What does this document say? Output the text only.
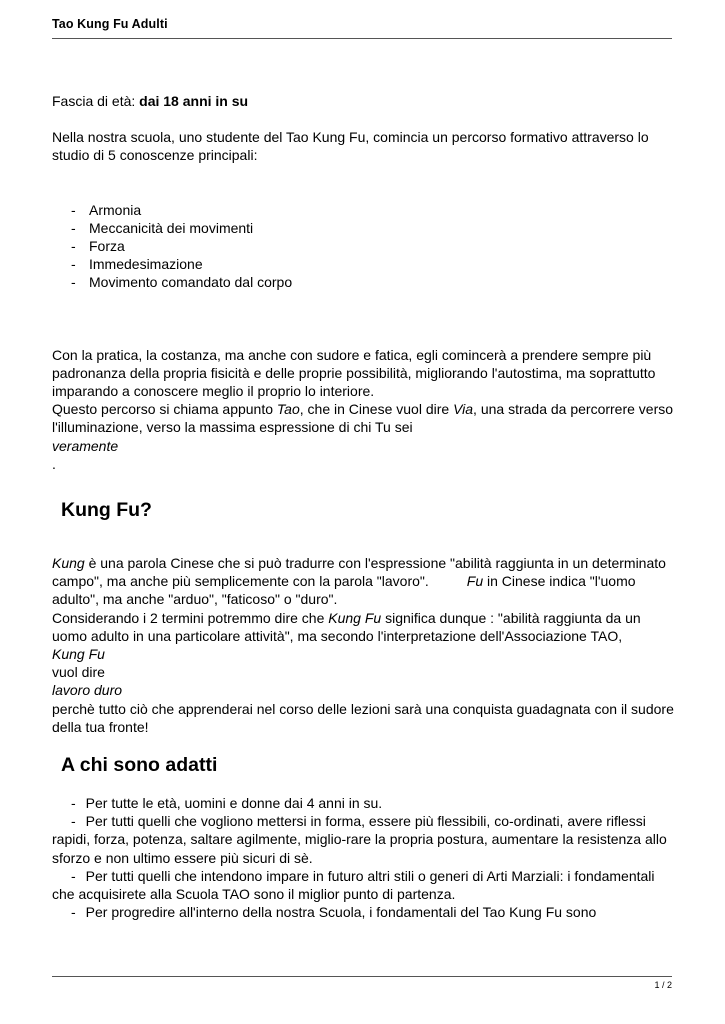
Tao Kung Fu Adulti

Fascia di età: dai 18 anni in su

Nella nostra scuola, uno studente del Tao Kung Fu, comincia un percorso formativo attraverso lo studio di 5 conoscenze principali:

- Armonia
- Meccanicità dei movimenti
- Forza
- Immedesimazione
- Movimento comandato dal corpo

Con la pratica, la costanza, ma anche con sudore e fatica, egli comincerà a prendere sempre più padronanza della propria fisicità e delle proprie possibilità, migliorando l'autostima, ma soprattutto imparando a conoscere meglio il proprio lo interiore.

Questo percorso si chiama appunto Tao, che in Cinese vuol dire Via, una strada da percorrere verso l'illuminazione, verso la massima espressione di chi Tu sei
veramente
.

Kung Fu?

Kung è una parola Cinese che si può tradurre con l'espressione "abilità raggiunta in un determinato campo", ma anche più semplicemente con la parola "lavoro".	Fu in Cinese indica "l'uomo adulto", ma anche "arduo", "faticoso" o "duro".
Considerando i 2 termini potremmo dire che Kung Fu significa dunque : "abilità raggiunta da un uomo adulto in una particolare attività", ma secondo l'interpretazione dell'Associazione TAO,
Kung Fu
vuol dire
lavoro duro
perchè tutto ciò che apprenderai nel corso delle lezioni sarà una conquista guadagnata con il sudore della tua fronte!

A chi sono adatti

- Per tutte le età, uomini e donne dai 4 anni in su.

- Per tutti quelli che vogliono mettersi in forma, essere più flessibili, co-ordinati, avere riflessi rapidi, forza, potenza, saltare agilmente, miglio-rare la propria postura, aumentare la resistenza allo sforzo e non ultimo essere più sicuri di sè.

- Per tutti quelli che intendono impare in futuro altri stili o generi di Arti Marziali: i fondamentali che acquisirete alla Scuola TAO sono il miglior punto di partenza.

- Per progredire all'interno della nostra Scuola, i fondamentali del Tao Kung Fu sono

1 / 2
